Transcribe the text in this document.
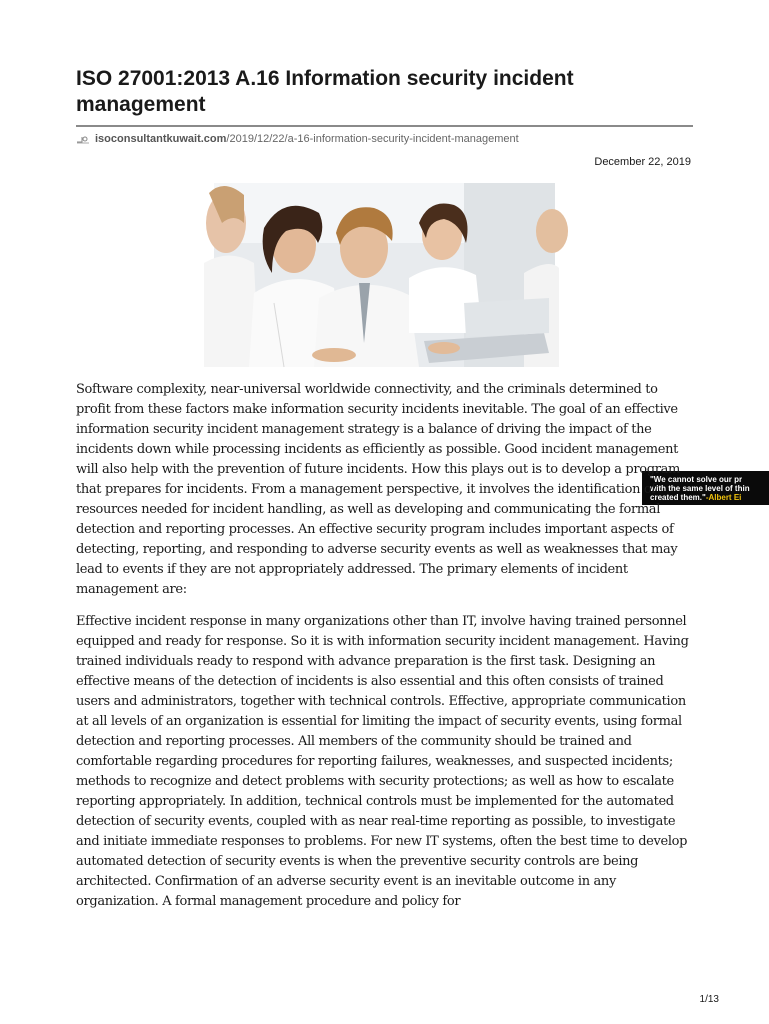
ISO 27001:2013 A.16 Information security incident management
isoconsultantkuwait.com /2019/12/22/a-16-information-security-incident-management
December 22, 2019
"We cannot solve our pr
with the same level of thin
created them."-Albert Ei

Software complexity, near-universal worldwide connectivity, and the criminals determined to profit from these factors make information security incidents inevitable. The goal of an effective information security incident management strategy is a balance of driving the impact of the incidents down while processing incidents as efficiently as possible. Good incident management will also help with the prevention of future incidents. How this plays out is to develop a program that prepares for incidents. From a management perspective, it involves the identification of resources needed for incident handling, as well as developing and communicating the formal detection and reporting processes. An effective security program includes important aspects of detecting, reporting, and responding to adverse security events as well as weaknesses that may lead to events if they are not appropriately addressed. The primary elements of incident management are:

Effective incident response in many organizations other than IT, involve having trained personnel equipped and ready for response. So it is with information security incident management. Having trained individuals ready to respond with advance preparation is the first task. Designing an effective means of the detection of incidents is also essential and this often consists of trained users and administrators, together with technical controls. Effective, appropriate communication at all levels of an organization is essential for limiting the impact of security events, using formal detection and reporting processes. All members of the community should be trained and comfortable regarding procedures for reporting failures, weaknesses, and suspected incidents; methods to recognize and detect problems with security protections; as well as how to escalate reporting appropriately. In addition, technical controls must be implemented for the automated detection of security events, coupled with as near real-time reporting as possible, to investigate and initiate immediate responses to problems. For new IT systems, often the best time to develop automated detection of security events is when the preventive security controls are being architected. Confirmation of an adverse security event is an inevitable outcome in any organization. A formal management procedure and policy for

1/13
